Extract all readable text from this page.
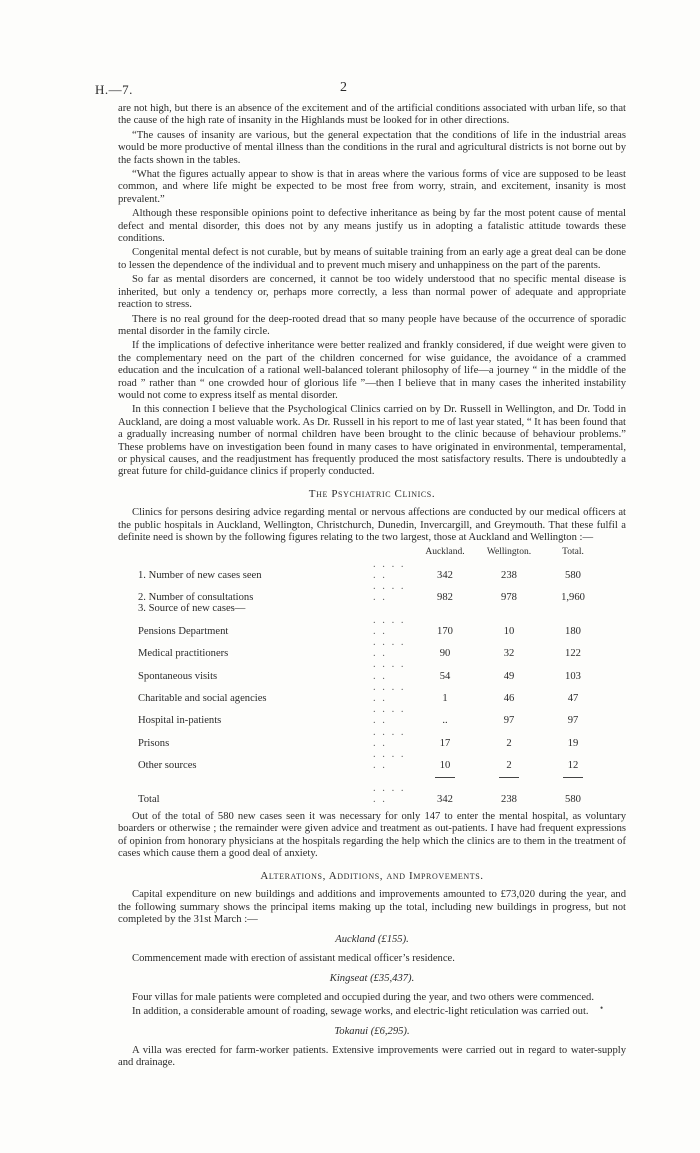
H.—7.	2

are not high, but there is an absence of the excitement and of the artificial conditions associated with urban life, so that the cause of the high rate of insanity in the Highlands must be looked for in other directions.

“The causes of insanity are various, but the general expectation that the conditions of life in the industrial areas would be more productive of mental illness than the conditions in the rural and agricultural districts is not borne out by the facts shown in the tables.

“What the figures actually appear to show is that in areas where the various forms of vice are supposed to be least common, and where life might be expected to be most free from worry, strain, and excitement, insanity is most prevalent.”

Although these responsible opinions point to defective inheritance as being by far the most potent cause of mental defect and mental disorder, this does not by any means justify us in adopting a fatalistic attitude towards these conditions.

Congenital mental defect is not curable, but by means of suitable training from an early age a great deal can be done to lessen the dependence of the individual and to prevent much misery and unhappiness on the part of the parents.

So far as mental disorders are concerned, it cannot be too widely understood that no specific mental disease is inherited, but only a tendency or, perhaps more correctly, a less than normal power of adequate and appropriate reaction to stress.

There is no real ground for the deep-rooted dread that so many people have because of the occurrence of sporadic mental disorder in the family circle.

If the implications of defective inheritance were better realized and frankly considered, if due weight were given to the complementary need on the part of the children concerned for wise guidance, the avoidance of a crammed education and the inculcation of a rational well-balanced tolerant philosophy of life—a journey “ in the middle of the road ” rather than “ one crowded hour of glorious life ”—then I believe that in many cases the inherited instability would not come to express itself as mental disorder.

In this connection I believe that the Psychological Clinics carried on by Dr. Russell in Wellington, and Dr. Todd in Auckland, are doing a most valuable work. As Dr. Russell in his report to me of last year stated, “ It has been found that a gradually increasing number of normal children have been brought to the clinic because of behaviour problems.” These problems have on investigation been found in many cases to have originated in environmental, temperamental, or physical causes, and the readjustment has frequently produced the most satisfactory results. There is undoubtedly a great future for child-guidance clinics if properly conducted.

The Psychiatric Clinics.

Clinics for persons desiring advice regarding mental or nervous affections are conducted by our medical officers at the public hospitals in Auckland, Wellington, Christchurch, Dunedin, Invercargill, and Greymouth. That these fulfil a definite need is shown by the following figures relating to the two largest, those at Auckland and Wellington :—

		Auckland.	Wellington.	Total.
1. Number of new cases seen	. . . . . .	342	238	580
2. Number of consultations	. . . . . .	982	978	1,960
3. Source of new cases—				
Pensions Department	. . . . . .	170	10	180
Medical practitioners	. . . . . .	90	32	122
Spontaneous visits	. . . . . .	54	49	103
Charitable and social agencies	. . . . . .	1	46	47
Hospital in-patients	. . . . . .	..	97	97
Prisons	. . . . . .	17	2	19
Other sources	. . . . . .	10	2	12

Total	. . . . . .	342	238	580

Out of the total of 580 new cases seen it was necessary for only 147 to enter the mental hospital, as voluntary boarders or otherwise ; the remainder were given advice and treatment as out-patients. I have had frequent expressions of opinion from honorary physicians at the hospitals regarding the help which the clinics are to them in the treatment of cases which cause them a good deal of anxiety.

Alterations, Additions, and Improvements.

Capital expenditure on new buildings and additions and improvements amounted to £73,020 during the year, and the following summary shows the principal items making up the total, including new buildings in progress, but not completed by the 31st March :—

Auckland (£155).

Commencement made with erection of assistant medical officer’s residence.

Kingseat (£35,437).

Four villas for male patients were completed and occupied during the year, and two others were commenced.

In addition, a considerable amount of roading, sewage works, and electric-light reticulation was carried out.

Tokanui (£6,295).

A villa was erected for farm-worker patients. Extensive improvements were carried out in regard to water-supply and drainage.

•
